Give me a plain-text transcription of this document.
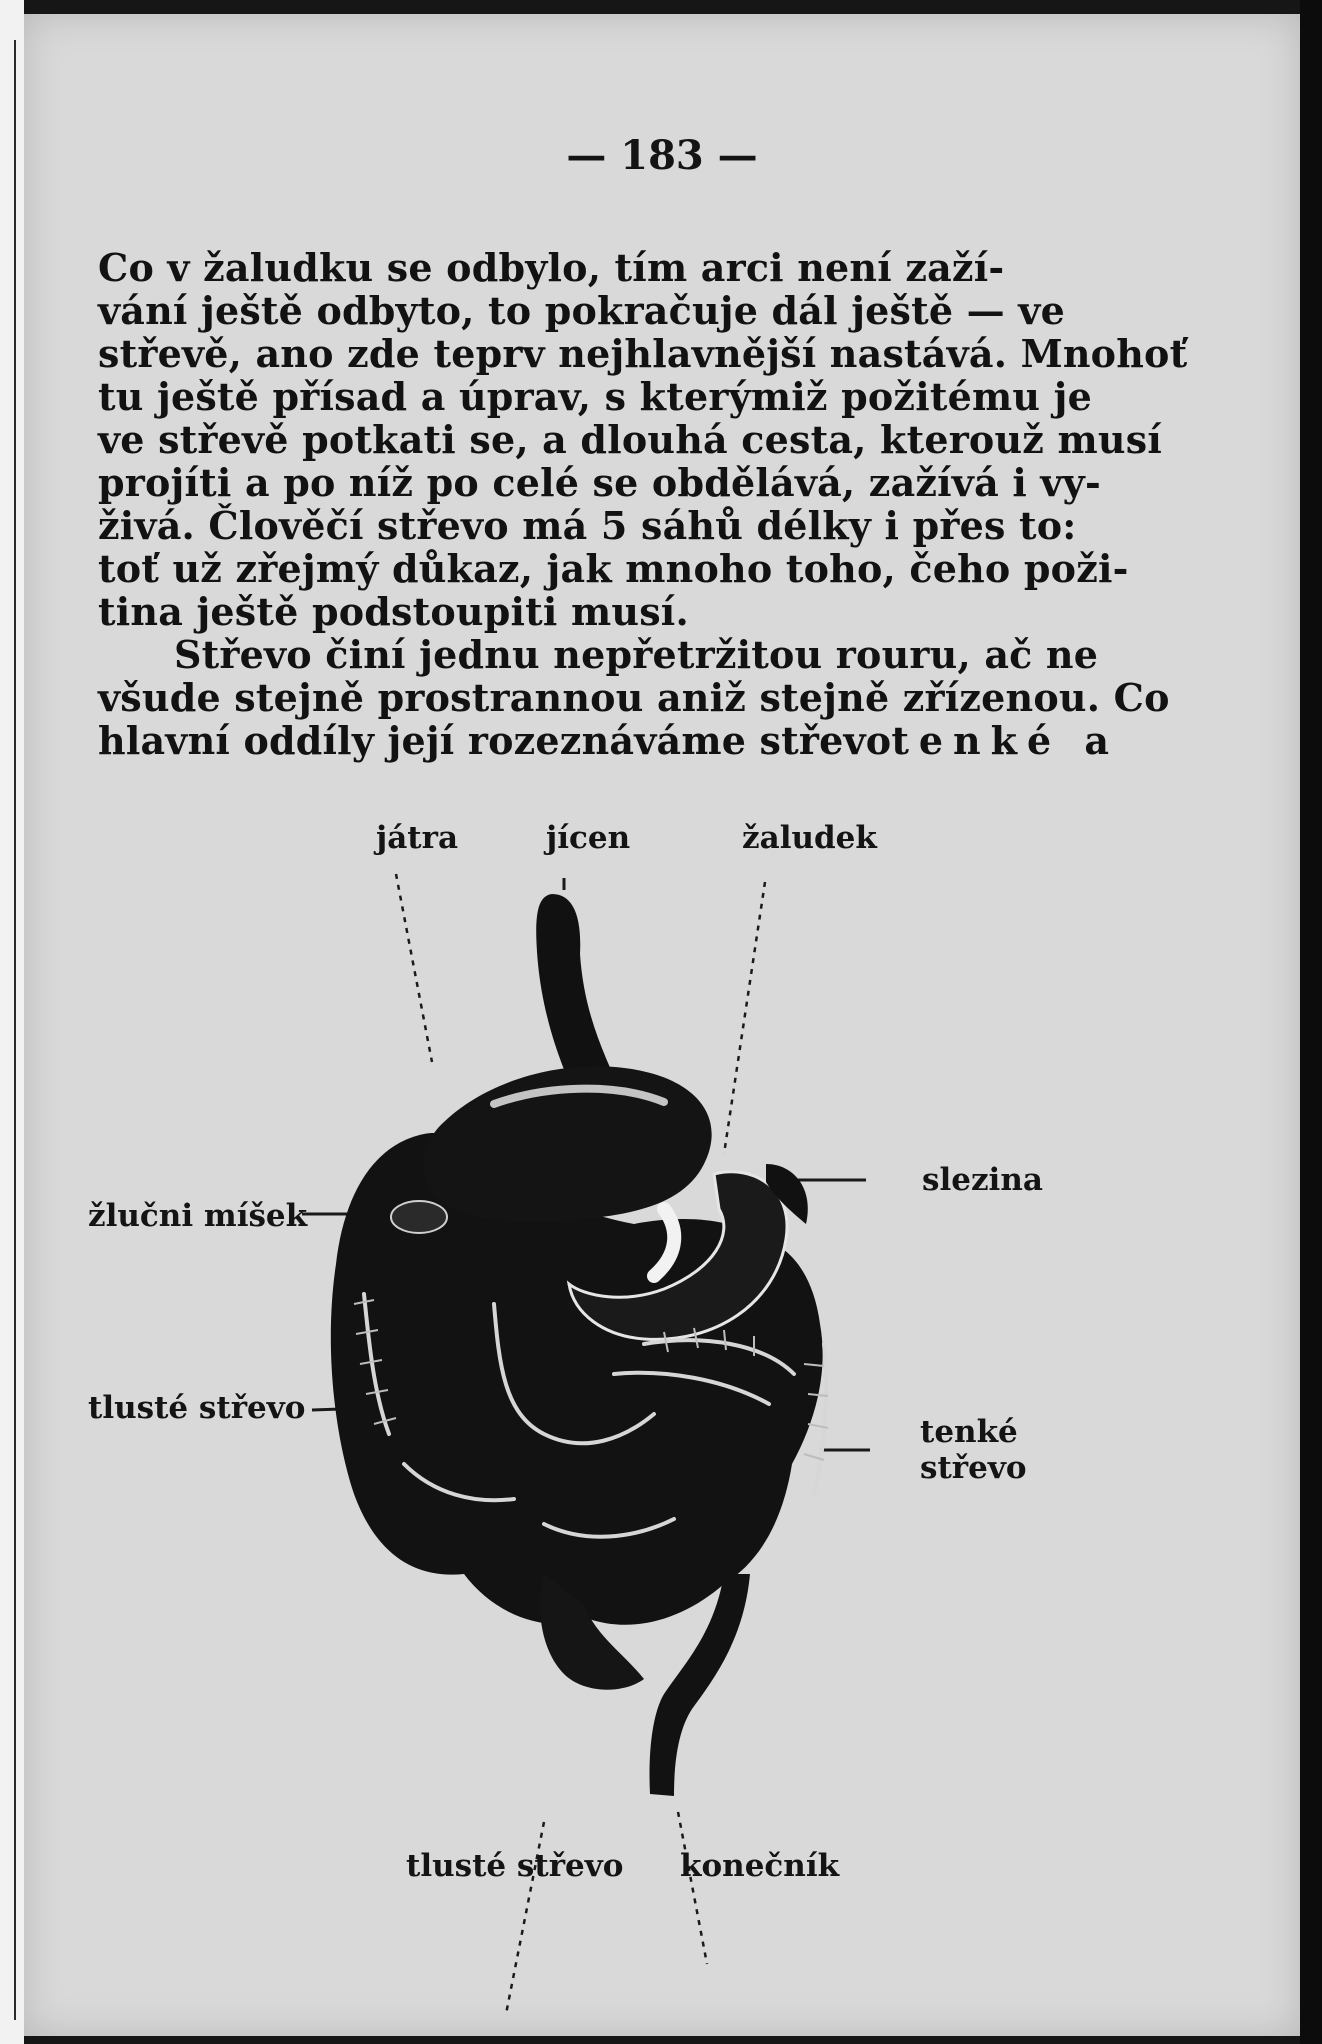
— 183 —
Co v žaludku se odbylo, tím arci není zaží-
vání ještě odbyto, to pokračuje dál ještě — ve
střevě, ano zde teprv nejhlavnější nastává. Mnohoť
tu ještě přísad a úprav, s kterýmiž požitému je
ve střevě potkati se, a dlouhá cesta, kterouž musí
projíti a po níž po celé se obdělává, zažívá i vy-
živá. Člověčí střevo má 5 sáhů délky i přes to:
toť už zřejmý důkaz, jak mnoho toho, čeho poži-
tina ještě podstoupiti musí.
Střevo činí jednu nepřetržitou rouru, ač ne
všude stejně prostrannou aniž stejně zřízenou. Co
hlavní oddíly její rozeznáváme střevo tenké a
játra	jícen	žaludek
slezina
žlučni míšek
tlusté střevo
tenké
střevo
tlusté střevo konečník
